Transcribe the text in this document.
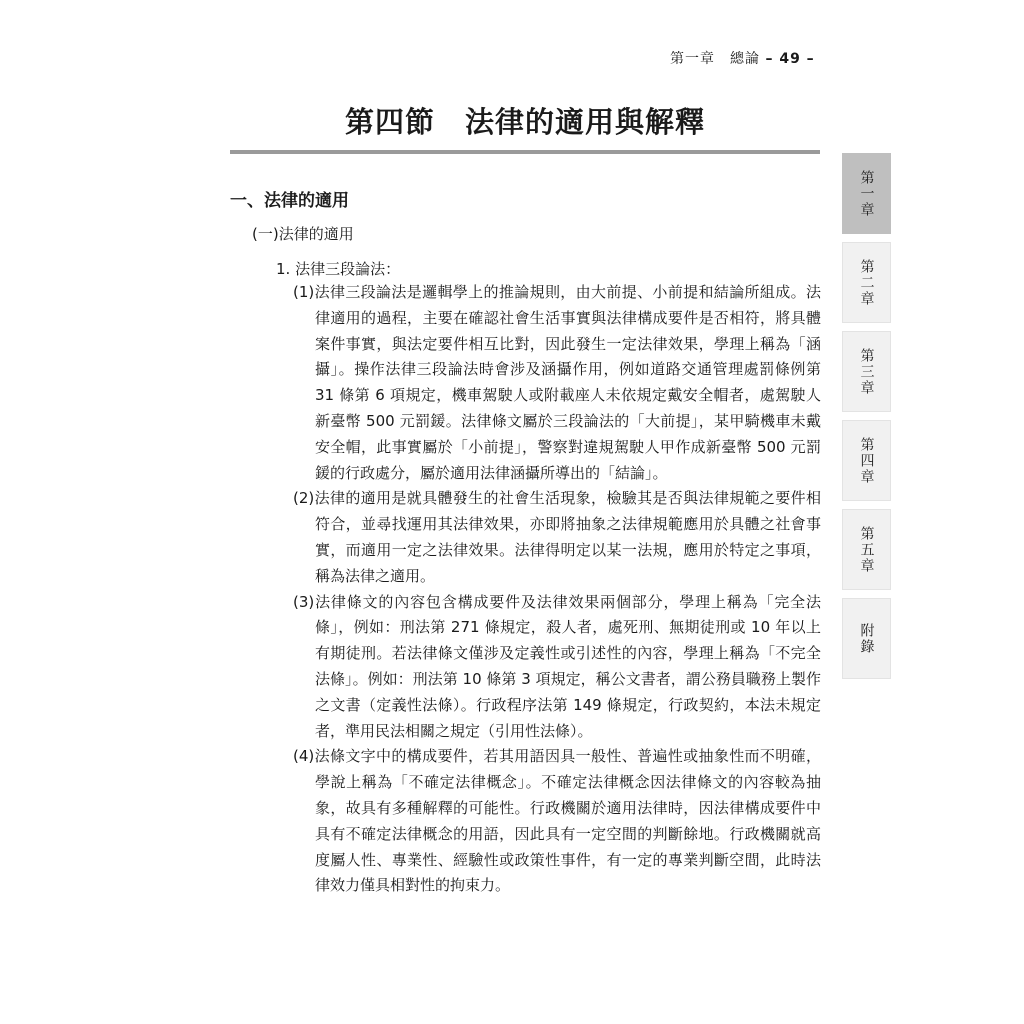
第一章　總論 – 49 –
第四節　法律的適用與解釋
一、法律的適用
(一)法律的適用
1. 法律三段論法：

(1)法律三段論法是邏輯學上的推論規則，由大前提、小前提和結論所組成。法律適用的過程，主要在確認社會生活事實與法律構成要件是否相符，將具體案件事實，與法定要件相互比對，因此發生一定法律效果，學理上稱為「涵攝」。操作法律三段論法時會涉及涵攝作用，例如道路交通管理處罰條例第 31 條第 6 項規定，機車駕駛人或附載座人未依規定戴安全帽者，處駕駛人新臺幣 500 元罰鍰。法律條文屬於三段論法的「大前提」，某甲騎機車未戴安全帽，此事實屬於「小前提」，警察對違規駕駛人甲作成新臺幣 500 元罰鍰的行政處分，屬於適用法律涵攝所導出的「結論」。

(2)法律的適用是就具體發生的社會生活現象，檢驗其是否與法律規範之要件相符合，並尋找運用其法律效果，亦即將抽象之法律規範應用於具體之社會事實，而適用一定之法律效果。法律得明定以某一法規，應用於特定之事項，稱為法律之適用。

(3)法律條文的內容包含構成要件及法律效果兩個部分，學理上稱為「完全法條」，例如：刑法第 271 條規定，殺人者，處死刑、無期徒刑或 10 年以上有期徒刑。若法律條文僅涉及定義性或引述性的內容，學理上稱為「不完全法條」。例如：刑法第 10 條第 3 項規定，稱公文書者，謂公務員職務上製作之文書（定義性法條）。行政程序法第 149 條規定，行政契約，本法未規定者，準用民法相關之規定（引用性法條）。

(4)法條文字中的構成要件，若其用語因具一般性、普遍性或抽象性而不明確，學說上稱為「不確定法律概念」。不確定法律概念因法律條文的內容較為抽象，故具有多種解釋的可能性。行政機關於適用法律時，因法律構成要件中具有不確定法律概念的用語，因此具有一定空間的判斷餘地。行政機關就高度屬人性、專業性、經驗性或政策性事件，有一定的專業判斷空間，此時法律效力僅具相對性的拘束力。

第一章
第二章
第三章
第四章
第五章
附錄
